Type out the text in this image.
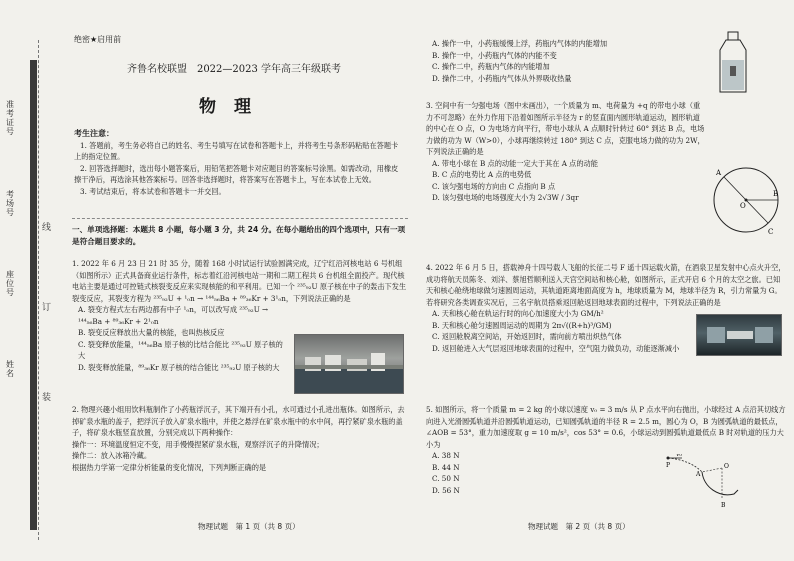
准考证号
考场号
座位号
姓名
线
订
装
绝密★启用前
齐鲁名校联盟　2022—2023 学年高三年级联考
物理
考生注意：

1. 答题前，考生务必将自己的姓名、考生号填写在试卷和答题卡上，并将考生号条形码粘贴在答题卡上的指定位置。

2. 回答选择题时，选出每小题答案后，用铅笔把答题卡对应题目的答案标号涂黑。如需改动，用橡皮擦干净后，再选涂其他答案标号。回答非选择题时，将答案写在答题卡上，写在本试卷上无效。

3. 考试结束后，将本试卷和答题卡一并交回。

一、单项选择题：本题共 8 小题，每小题 3 分，共 24 分。在每小题给出的四个选项中，只有一项是符合题目要求的。

1. 2022 年 6 月 23 日 21 时 35 分，随着 168 小时试运行试验圆满完成，辽宁红沿河核电站 6 号机组（如图所示）正式具备商业运行条件，标志着红沿河核电站一期和二期工程共 6 台机组全面投产。现代核电站主要是通过可控链式核裂变反应来实现核能的和平利用。已知一个 ²³⁵₉₂U 原子核在中子的轰击下发生裂变反应，其裂变方程为 ²³⁵₉₂U + ¹₀n → ¹⁴⁴₅₆Ba + ⁸⁹₃₆Kr + 3¹₀n，下列说法正确的是

A. 裂变方程式左右两边都有中子 ¹₀n，可以改写成 ²³⁵₉₂U → ¹⁴⁴₅₆Ba + ⁸⁹₃₆Kr + 2¹₀n

B. 裂变反应释放出大量的核能，也叫热核反应

C. 裂变释放能量，¹⁴⁴₅₆Ba 原子核的比结合能比 ²³⁵₉₂U 原子核的大

D. 裂变释放能量，⁸⁹₃₆Kr 原子核的结合能比 ²³⁵₉₂U 原子核的大

2. 物理兴趣小组用饮料瓶制作了小药瓶浮沉子，其下端开有小孔，水可通过小孔进出瓶体。如图所示，去掉矿泉水瓶的盖子，把浮沉子放入矿泉水瓶中，并使之悬浮在矿泉水瓶中的水中间，再拧紧矿泉水瓶的盖子，将矿泉水瓶竖直放置，分别完成以下两种操作：

操作一：环境温度恒定不变，用手慢慢捏紧矿泉水瓶，观察浮沉子的升降情况；

操作二：放入冰箱冷藏。

根据热力学第一定律分析能量的变化情况，下列判断正确的是

物理试题　第 1 页（共 8 页）

A. 操作一中，小药瓶缓慢上浮，药瓶内气体的内能增加

B. 操作一中，小药瓶内气体的内能不变

C. 操作二中，药瓶内气体的内能增加

D. 操作二中，小药瓶内气体从外界吸收热量

3. 空间中有一匀强电场（图中未画出），一个质量为 m、电荷量为 +q 的带电小球（重力不可忽略）在外力作用下沿着如图所示半径为 r 的竖直面内圆形轨道运动，圆形轨道的中心在 O 点，O 为电场方向平行，带电小球从 A 点顺时针转过 60° 到达 B 点，电场力做的功为 W（W>0），小球再继续转过 180° 到达 C 点，克服电场力做的功为 2W，下列说法正确的是

A. 带电小球在 B 点的动能一定大于其在 A 点的动能

B. C 点的电势比 A 点的电势低

C. 该匀强电场的方向由 C 点指向 B 点

D. 该匀强电场的电场强度大小为 2√3W / 3qr

A
B
C
O

4. 2022 年 6 月 5 日，搭载神舟十四号载人飞船的长征二号 F 遥十四运载火箭，在酒泉卫星发射中心点火升空，成功将航天员陈冬、刘洋、蔡旭哲顺利送入天宫空间站和核心舱，如图所示，正式开启 6 个月的太空之旅。已知天和核心舱绕地球做匀速圆周运动，其轨道距离地面高度为 h，地球质量为 M，地球半径为 R，引力常量为 G。若将研究各类调查实况后，三名宇航员搭乘返回舱返回地球表面的过程中，下列说法正确的是

A. 天和核心舱在轨运行时的向心加速度大小为 GM/h²

B. 天和核心舱匀速圆周运动的周期为 2π√((R+h)³/GM)

C. 返回舱脱离空间站，开始返回时，需向前方喷出炽热气体

D. 返回舱进入大气层返回地球表面的过程中，空气阻力做负功，动能逐渐减小

5. 如图所示，将一个质量 m = 2 kg 的小球以速度 v₀ = 3 m/s 从 P 点水平向右抛出，小球经过 A 点沿其切线方向进入光滑圆弧轨道并沿圆弧轨道运动，已知圆弧轨道的半径 R = 2.5 m，圆心为 O，B 为圆弧轨道的最低点，∠AOB = 53°，重力加速度取 g = 10 m/s²，cos 53° = 0.6，小球运动到圆弧轨道最低点 B 时对轨道的压力大小为

A. 38 N

B. 44 N

C. 50 N

D. 56 N

P
v₀
A
O
B
物理试题　第 2 页（共 8 页）
